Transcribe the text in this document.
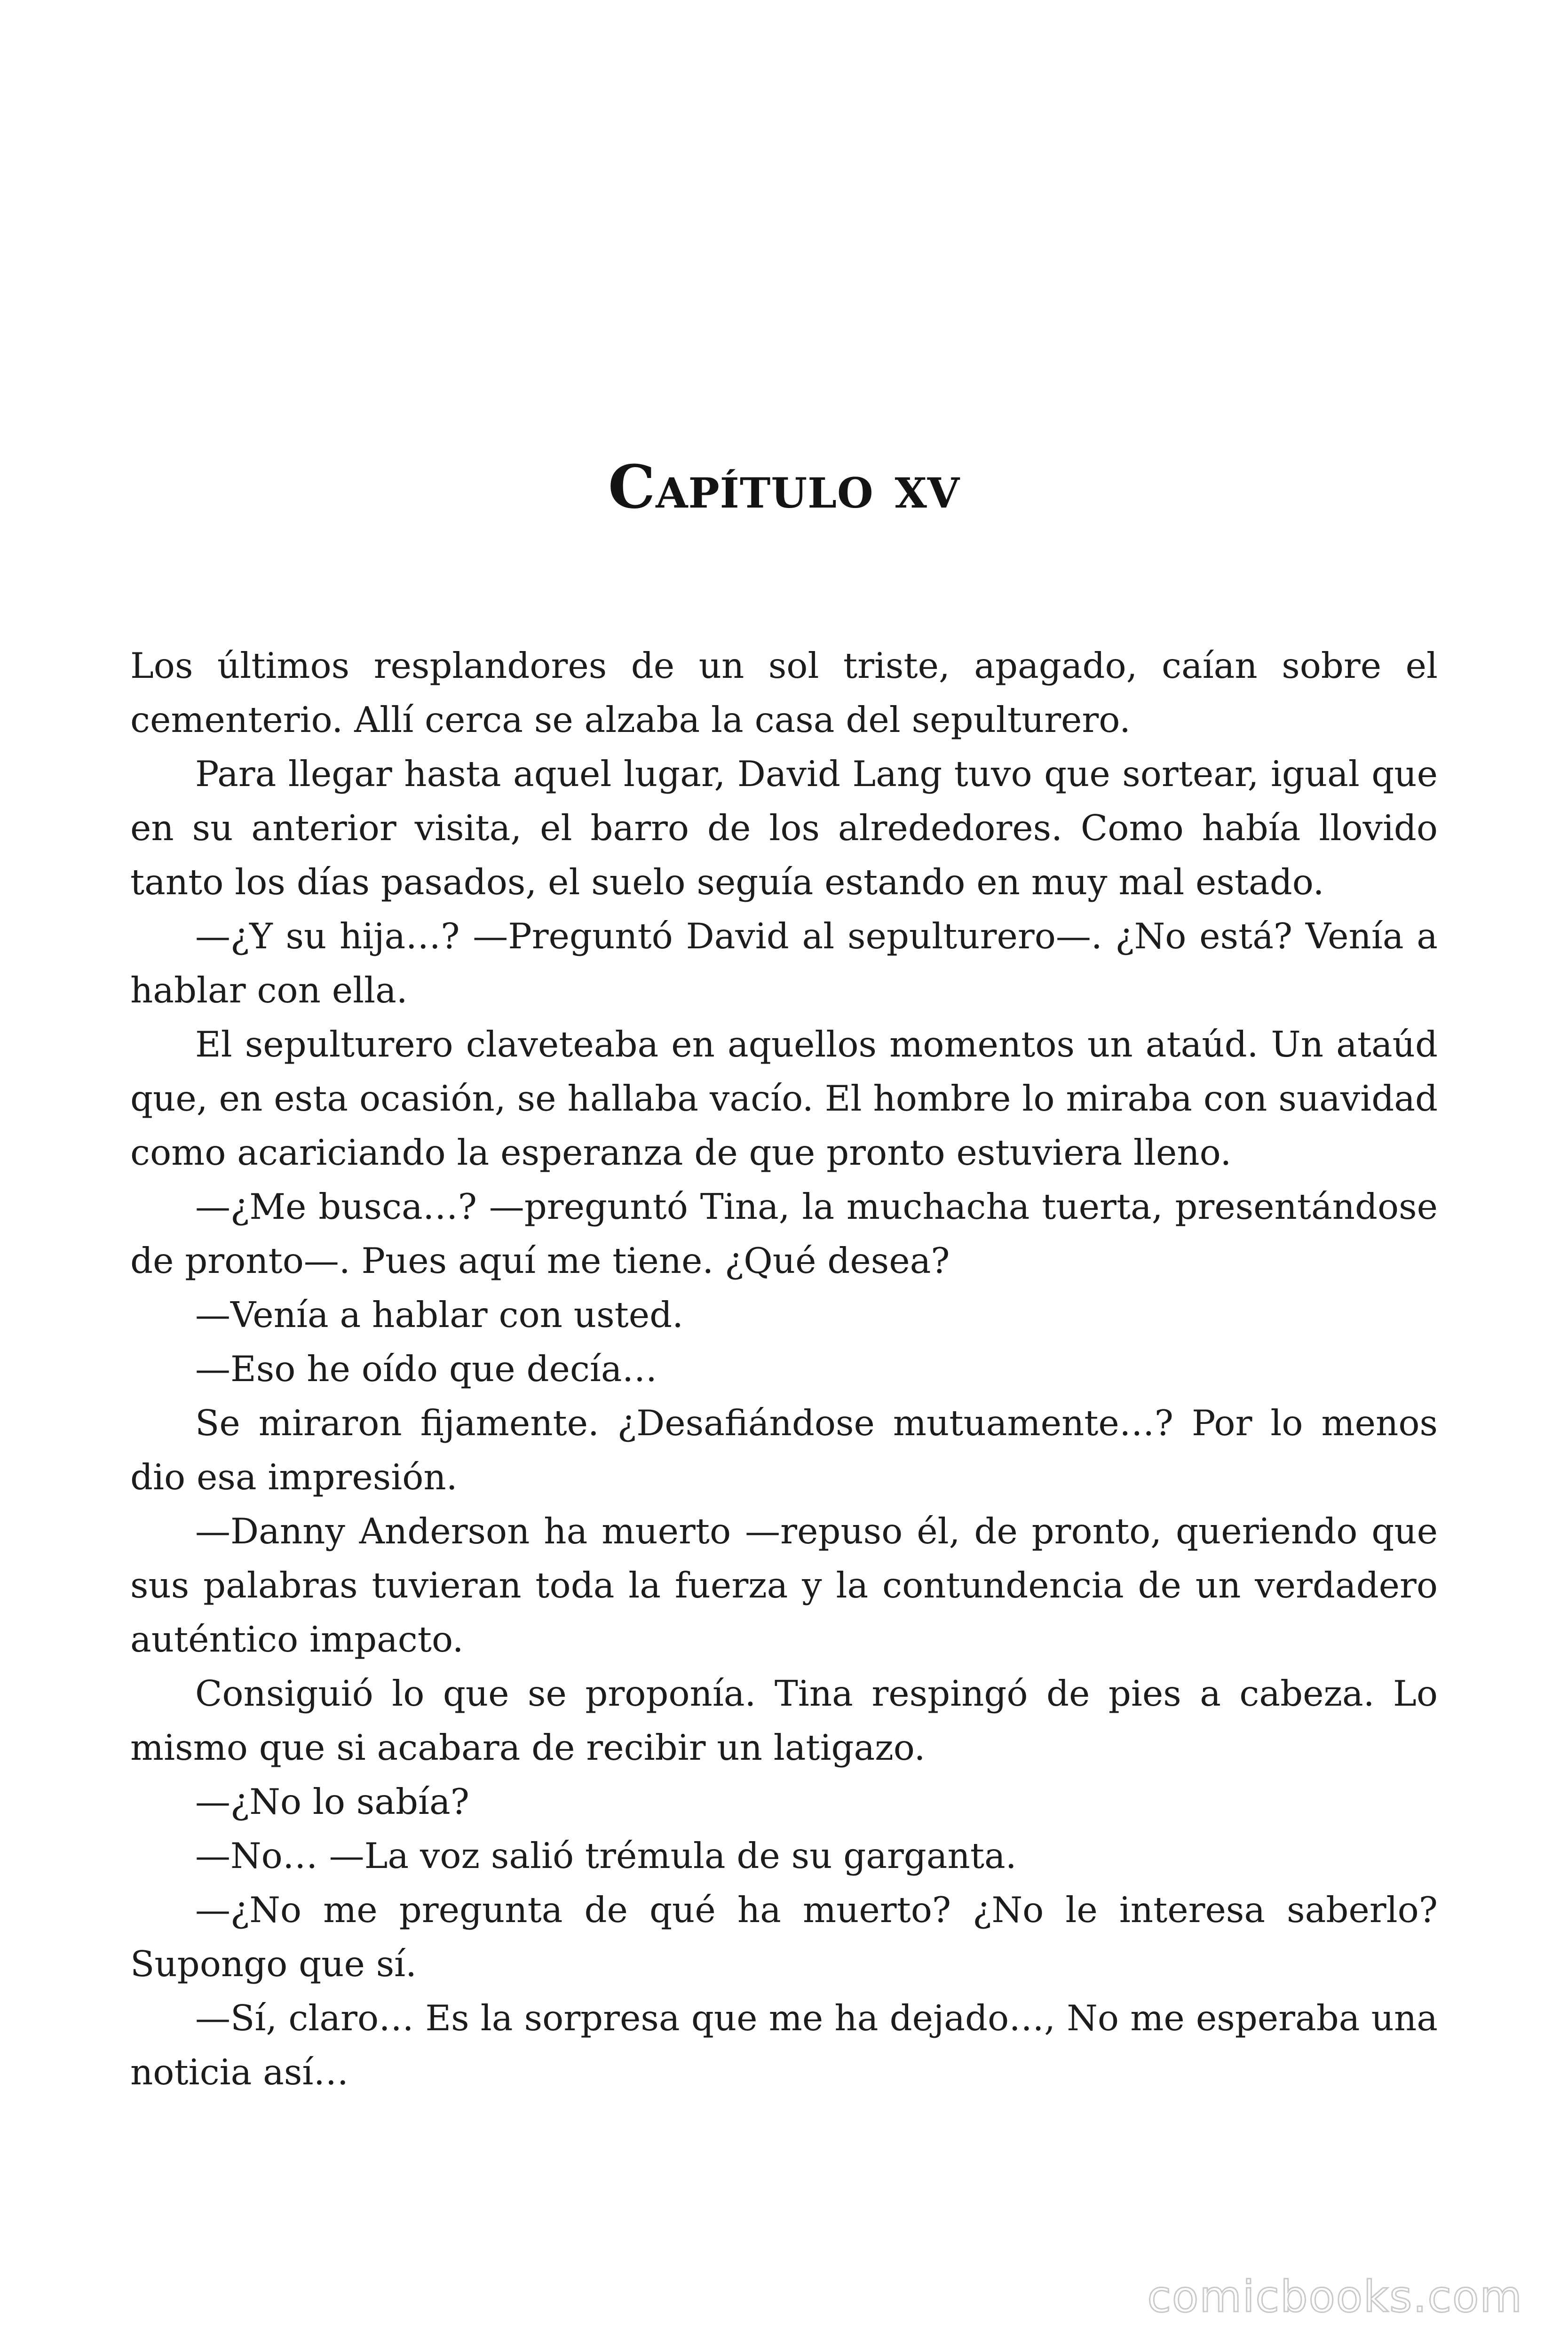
Capítulo xv

Los últimos resplandores de un sol triste, apagado, caían sobre el cementerio. Allí cerca se alzaba la casa del sepulturero.

Para llegar hasta aquel lugar, David Lang tuvo que sortear, igual que en su anterior visita, el barro de los alrededores. Como había llovido tanto los días pasados, el suelo seguía estando en muy mal estado.

—¿Y su hija…? —Preguntó David al sepulturero—. ¿No está? Venía a hablar con ella.

El sepulturero claveteaba en aquellos momentos un ataúd. Un ataúd que, en esta ocasión, se hallaba vacío. El hombre lo miraba con suavidad como acariciando la esperanza de que pronto estuviera lleno.

—¿Me busca…? —preguntó Tina, la muchacha tuerta, presentándose de pronto—. Pues aquí me tiene. ¿Qué desea?

—Venía a hablar con usted.

—Eso he oído que decía…

Se miraron fijamente. ¿Desafiándose mutuamente…? Por lo menos dio esa impresión.

—Danny Anderson ha muerto —repuso él, de pronto, queriendo que sus palabras tuvieran toda la fuerza y la contundencia de un verdadero auténtico impacto.

Consiguió lo que se proponía. Tina respingó de pies a cabeza. Lo mismo que si acabara de recibir un latigazo.

—¿No lo sabía?

—No… —La voz salió trémula de su garganta.

—¿No me pregunta de qué ha muerto? ¿No le interesa saberlo? Supongo que sí.

—Sí, claro… Es la sorpresa que me ha dejado…, No me esperaba una noticia así…

comicbooks.com
